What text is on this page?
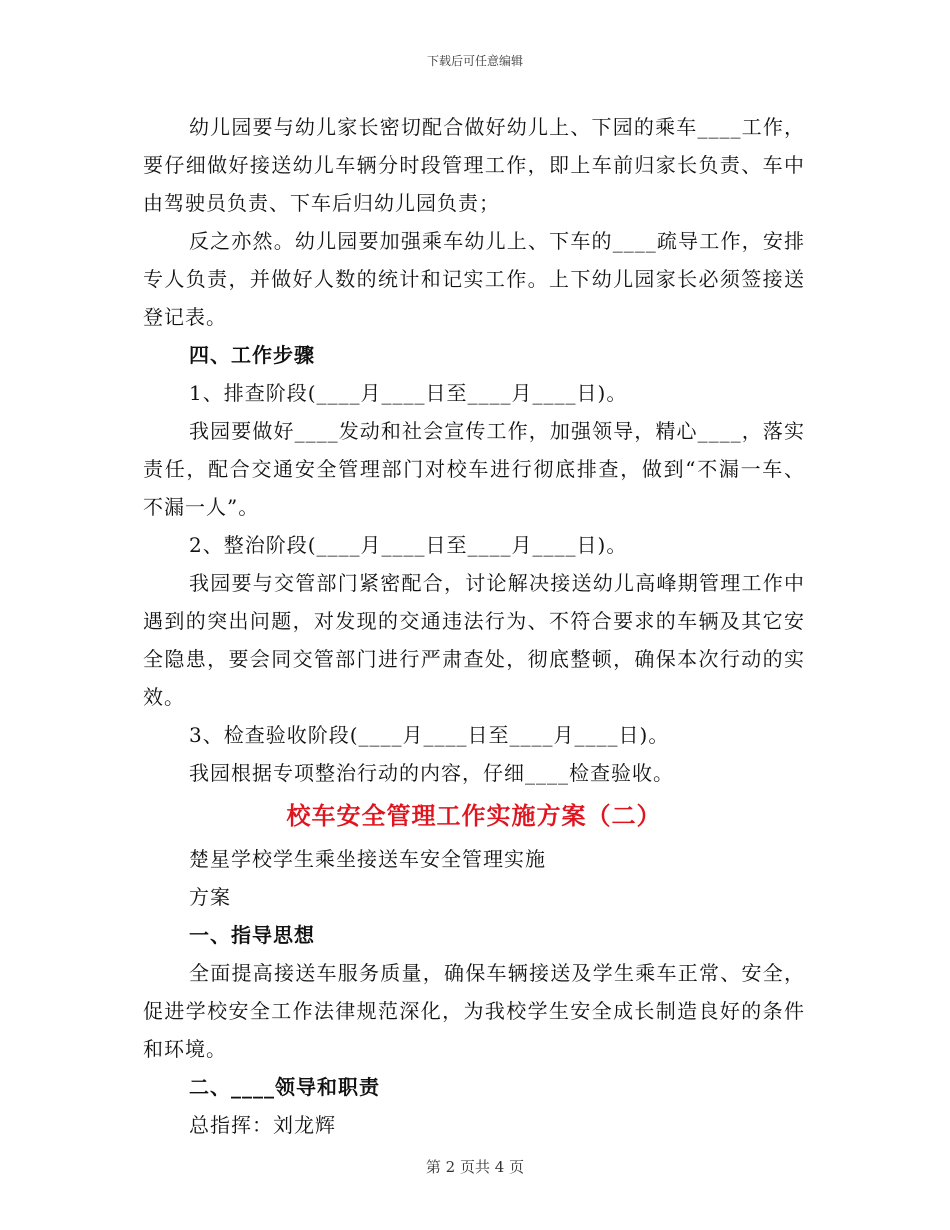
下载后可任意编辑

幼儿园要与幼儿家长密切配合做好幼儿上、下园的乘车____工作，要仔细做好接送幼儿车辆分时段管理工作，即上车前归家长负责、车中由驾驶员负责、下车后归幼儿园负责；

反之亦然。幼儿园要加强乘车幼儿上、下车的____疏导工作，安排专人负责，并做好人数的统计和记实工作。上下幼儿园家长必须签接送登记表。

四、工作步骤

1、排查阶段(____月____日至____月____日)。

我园要做好____发动和社会宣传工作，加强领导，精心____，落实责任，配合交通安全管理部门对校车进行彻底排查，做到“不漏一车、不漏一人”。

2、整治阶段(____月____日至____月____日)。

我园要与交管部门紧密配合，讨论解决接送幼儿高峰期管理工作中遇到的突出问题，对发现的交通违法行为、不符合要求的车辆及其它安全隐患，要会同交管部门进行严肃查处，彻底整顿，确保本次行动的实效。

3、检查验收阶段(____月____日至____月____日)。

我园根据专项整治行动的内容，仔细____检查验收。

校车安全管理工作实施方案（二）

楚星学校学生乘坐接送车安全管理实施

方案

一、指导思想

全面提高接送车服务质量，确保车辆接送及学生乘车正常、安全，促进学校安全工作法律规范深化，为我校学生安全成长制造良好的条件和环境。

二、____领导和职责

总指挥：刘龙辉

第 2 页共 4 页
